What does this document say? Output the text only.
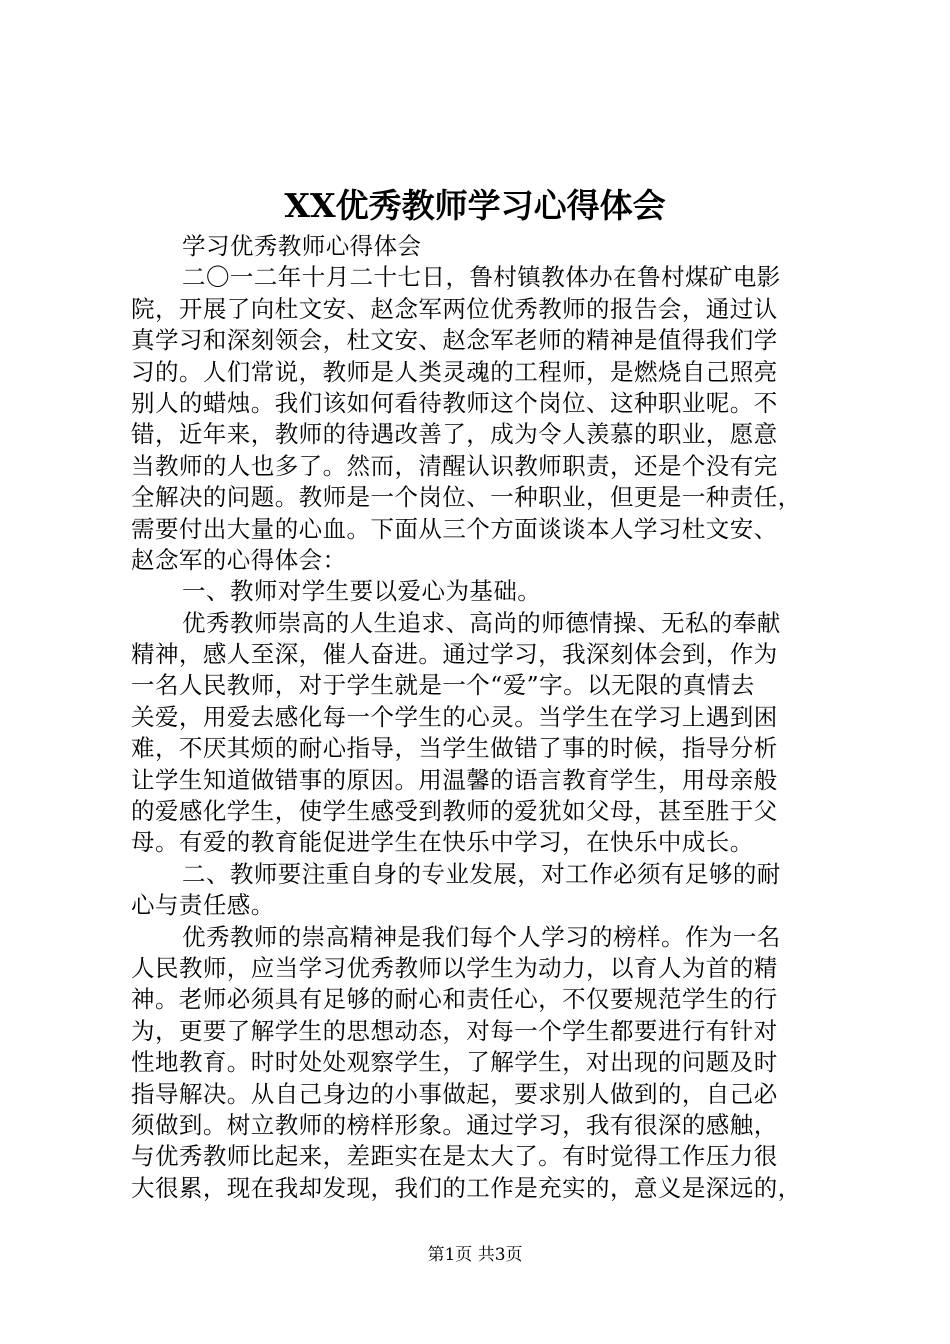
XX优秀教师学习心得体会
学习优秀教师心得体会
二〇一二年十月二十七日，鲁村镇教体办在鲁村煤矿电影
院，开展了向杜文安、赵念军两位优秀教师的报告会，通过认
真学习和深刻领会，杜文安、赵念军老师的精神是值得我们学
习的。人们常说，教师是人类灵魂的工程师，是燃烧自己照亮
别人的蜡烛。我们该如何看待教师这个岗位、这种职业呢。不
错，近年来，教师的待遇改善了，成为令人羡慕的职业，愿意
当教师的人也多了。然而，清醒认识教师职责，还是个没有完
全解决的问题。教师是一个岗位、一种职业，但更是一种责任，
需要付出大量的心血。下面从三个方面谈谈本人学习杜文安、
赵念军的心得体会：
一、教师对学生要以爱心为基础。
优秀教师崇高的人生追求、高尚的师德情操、无私的奉献
精神，感人至深，催人奋进。通过学习，我深刻体会到，作为
一名人民教师，对于学生就是一个“爱”字。以无限的真情去
关爱，用爱去感化每一个学生的心灵。当学生在学习上遇到困
难，不厌其烦的耐心指导，当学生做错了事的时候，指导分析
让学生知道做错事的原因。用温馨的语言教育学生，用母亲般
的爱感化学生，使学生感受到教师的爱犹如父母，甚至胜于父
母。有爱的教育能促进学生在快乐中学习，在快乐中成长。
二、教师要注重自身的专业发展，对工作必须有足够的耐
心与责任感。
优秀教师的崇高精神是我们每个人学习的榜样。作为一名
人民教师，应当学习优秀教师以学生为动力，以育人为首的精
神。老师必须具有足够的耐心和责任心，不仅要规范学生的行
为，更要了解学生的思想动态，对每一个学生都要进行有针对
性地教育。时时处处观察学生，了解学生，对出现的问题及时
指导解决。从自己身边的小事做起，要求别人做到的，自己必
须做到。树立教师的榜样形象。通过学习，我有很深的感触，
与优秀教师比起来，差距实在是太大了。有时觉得工作压力很
大很累，现在我却发现，我们的工作是充实的，意义是深远的，
第1页 共3页
